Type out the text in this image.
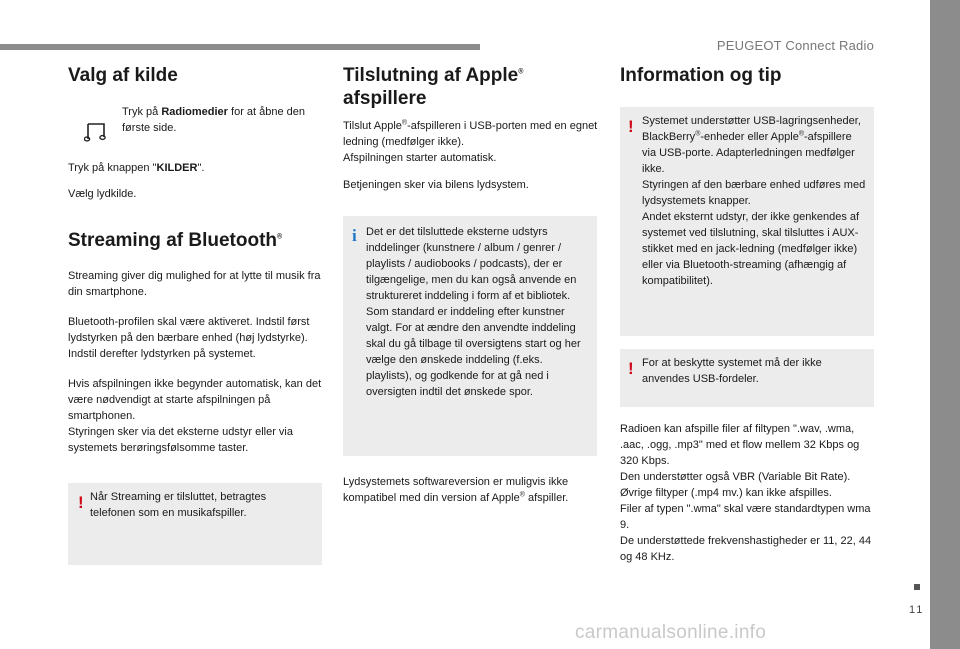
PEUGEOT Connect Radio
Valg af kilde

Tryk på Radiomedier for at åbne den første side.

Tryk på knappen "KILDER".

Vælg lydkilde.

Streaming af Bluetooth®

Streaming giver dig mulighed for at lytte til musik fra din smartphone.

Bluetooth-profilen skal være aktiveret. Indstil først lydstyrken på den bærbare enhed (høj lydstyrke).

Indstil derefter lydstyrken på systemet.

Hvis afspilningen ikke begynder automatisk, kan det være nødvendigt at starte afspilningen på smartphonen.

Styringen sker via det eksterne udstyr eller via systemets berøringsfølsomme taster.

! Når Streaming er tilsluttet, betragtes telefonen som en musikafspiller.

Tilslutning af Apple®
afspillere

Tilslut Apple®-afspilleren i USB-porten med en egnet ledning (medfølger ikke).

Afspilningen starter automatisk.

Betjeningen sker via bilens lydsystem.

i Det er det tilsluttede eksterne udstyrs inddelinger (kunstnere / album / genrer / playlists / audiobooks / podcasts), der er tilgængelige, men du kan også anvende en struktureret inddeling i form af et bibliotek.
Som standard er inddeling efter kunstner valgt. For at ændre den anvendte inddeling skal du gå tilbage til oversigtens start og her vælge den ønskede inddeling (f.eks. playlists), og godkende for at gå ned i oversigten indtil det ønskede spor.

Lydsystemets softwareversion er muligvis ikke kompatibel med din version af Apple® afspiller.

Information og tip
! Systemet understøtter USB-lagringsenheder, BlackBerry®-enheder eller Apple®-afspillere via USB-porte. Adapterledningen medfølger ikke.
Styringen af den bærbare enhed udføres med lydsystemets knapper.
Andet eksternt udstyr, der ikke genkendes af systemet ved tilslutning, skal tilsluttes i AUX-stikket med en jack-ledning (medfølger ikke) eller via Bluetooth-streaming (afhængig af kompatibilitet).

! For at beskytte systemet må der ikke anvendes USB-fordeler.

Radioen kan afspille filer af filtypen ".wav, .wma, .aac, .ogg, .mp3" med et flow mellem 32 Kbps og 320 Kbps.

Den understøtter også VBR (Variable Bit Rate).

Øvrige filtyper (.mp4 mv.) kan ikke afspilles.

Filer af typen ".wma" skal være standardtypen wma 9.

De understøttede frekvenshastigheder er 11, 22, 44 og 48 KHz.

11
carmanualsonline.info
